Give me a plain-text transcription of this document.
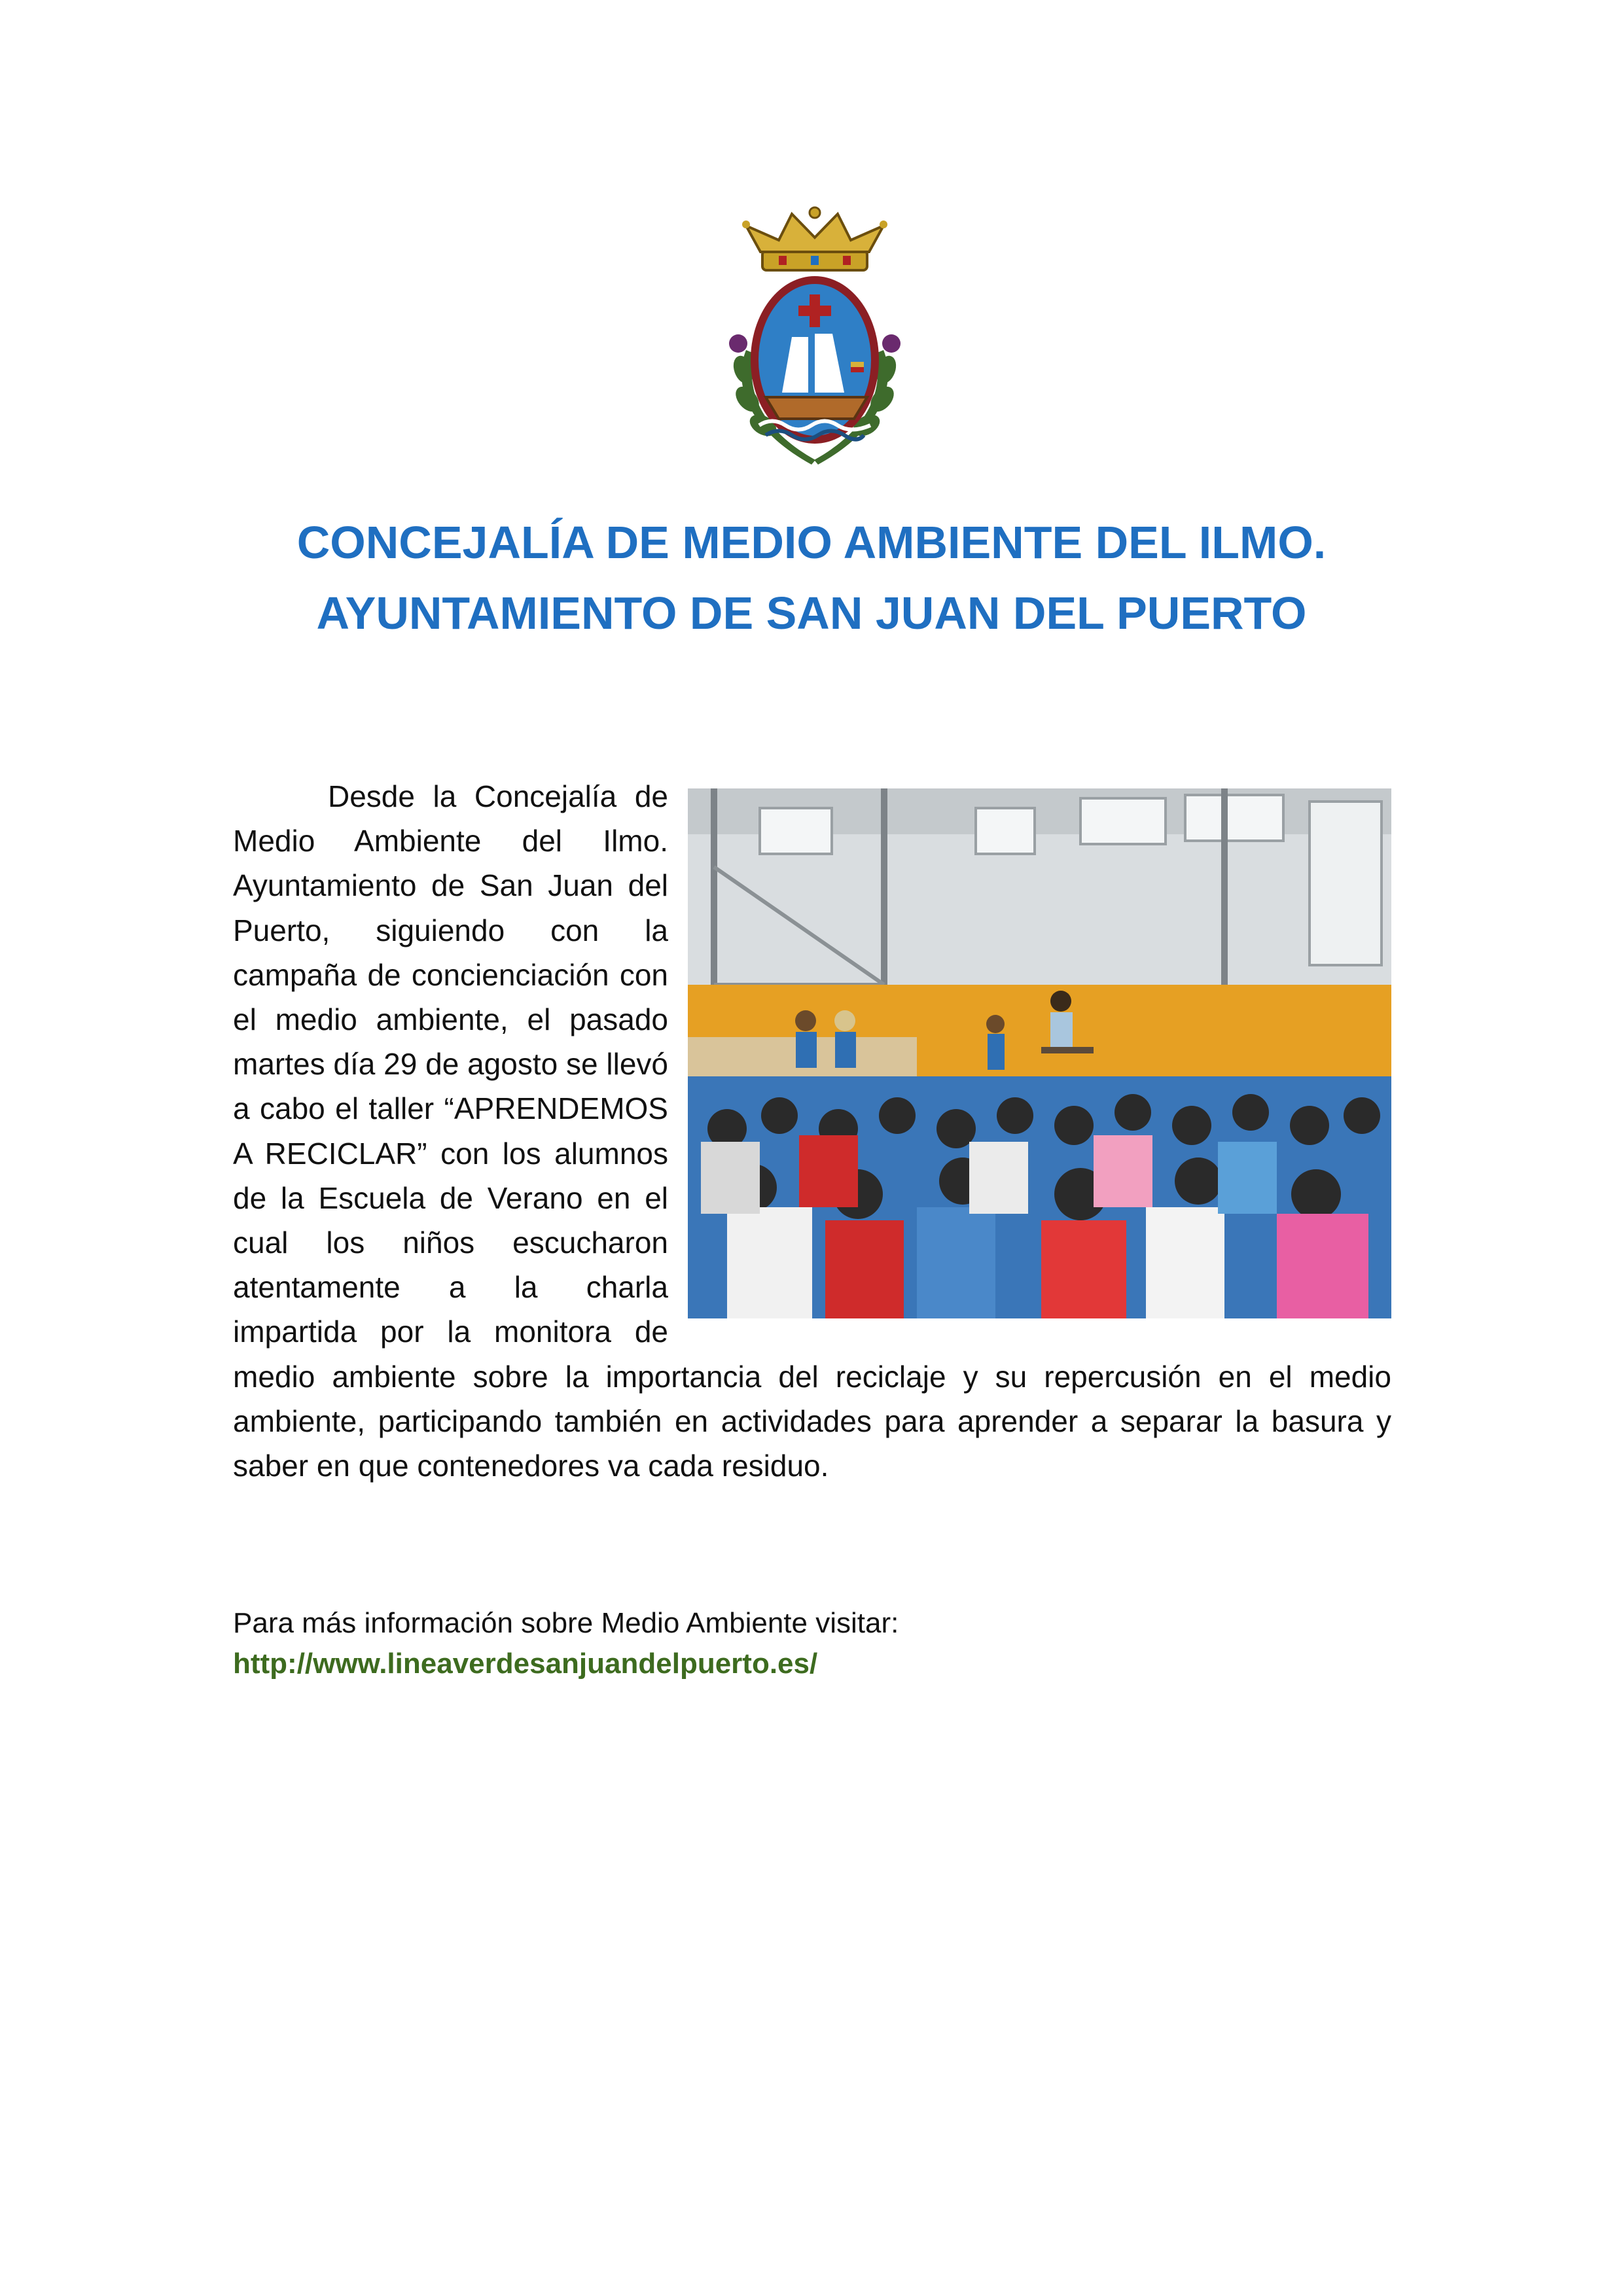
CONCEJALÍA DE MEDIO AMBIENTE DEL ILMO.
AYUNTAMIENTO DE SAN JUAN DEL PUERTO
Desde la Concejalía de Medio Ambiente del Ilmo. Ayuntamiento de San Juan del Puerto, siguiendo con la campaña de concienciación con el medio ambiente, el pasado martes día 29 de agosto se llevó a cabo el taller “APRENDEMOS A RECICLAR” con los alumnos de la Escuela de Verano en el cual los niños escucharon atentamente a la charla impartida por la monitora de medio ambiente sobre la importancia del reciclaje y su repercusión en el medio ambiente, participando también en actividades para aprender a separar la basura y saber en que contenedores va cada residuo.

Para más información sobre Medio Ambiente visitar:

http://www.lineaverdesanjuandelpuerto.es/
